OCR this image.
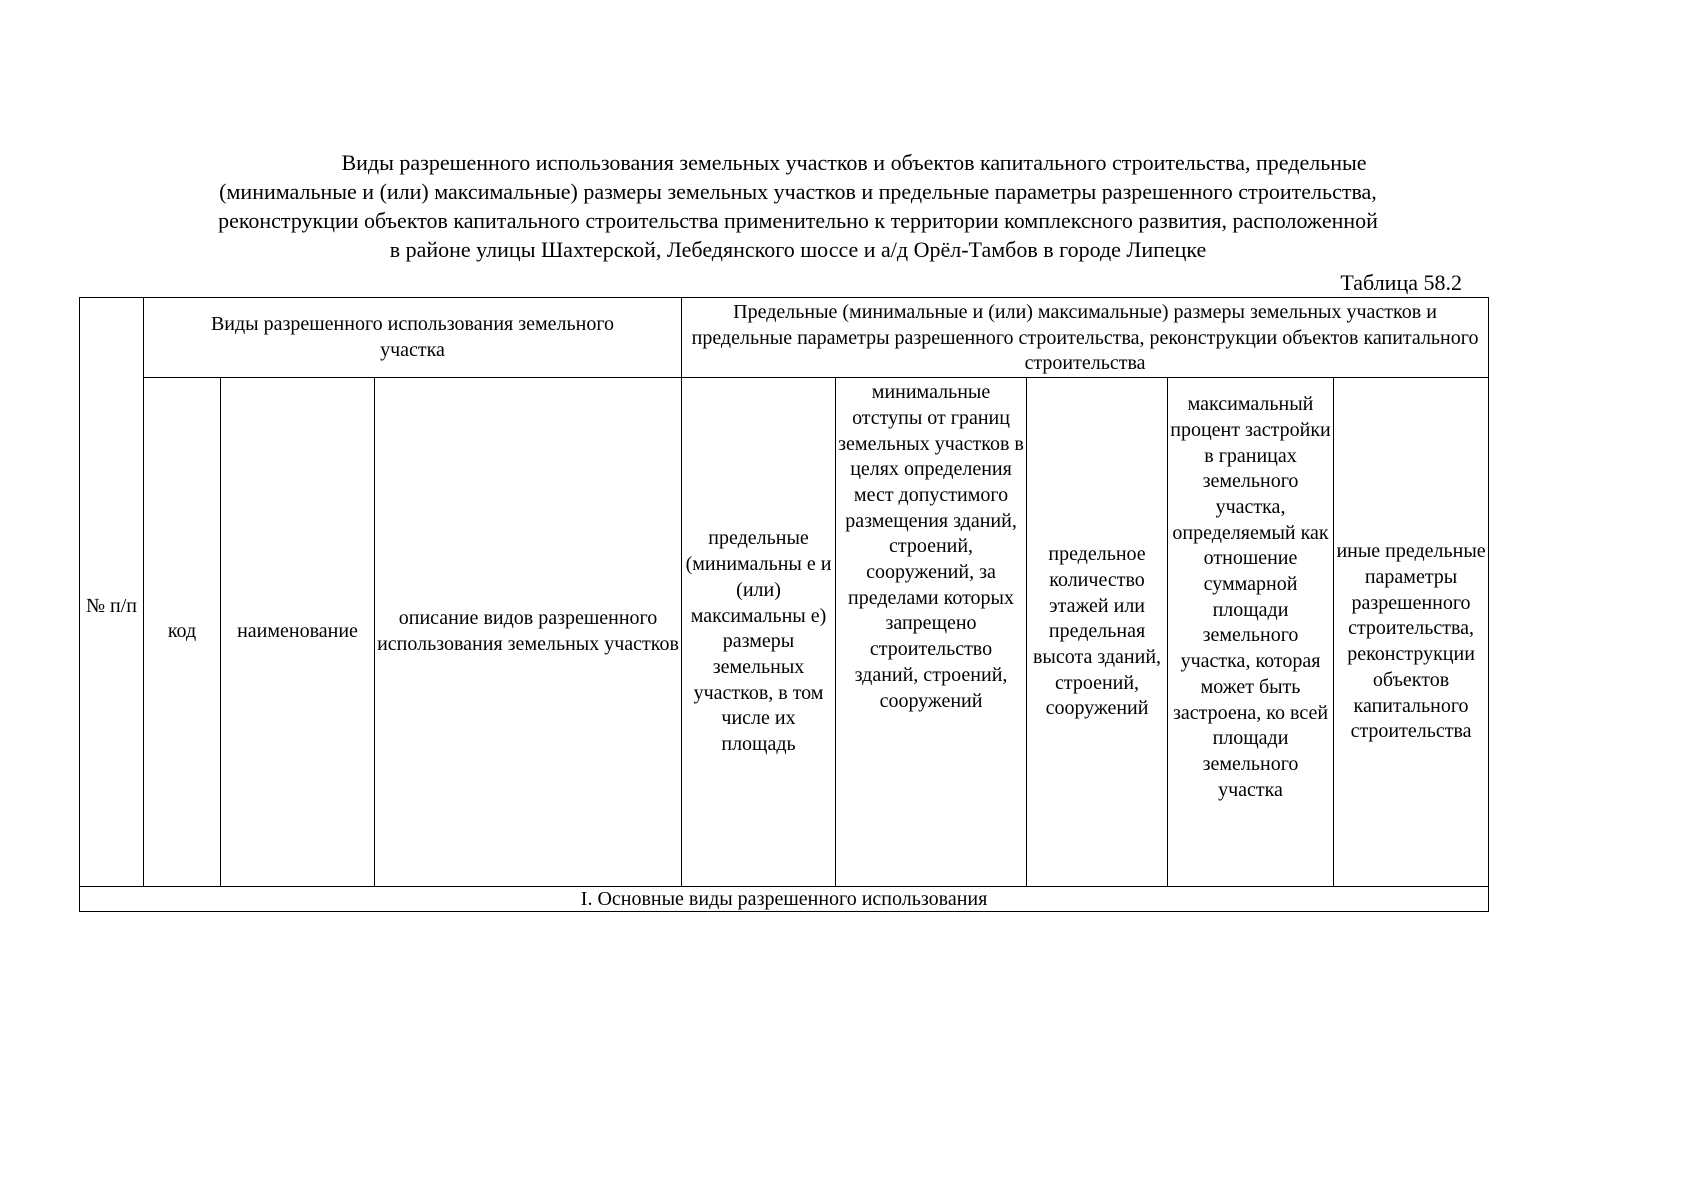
Виды разрешенного использования земельных участков и объектов капитального строительства, предельные
(минимальные и (или) максимальные) размеры земельных участков и предельные параметры разрешенного строительства,
реконструкции объектов капитального строительства применительно к территории комплексного развития, расположенной
в районе улицы Шахтерской, Лебедянского шоссе и а/д Орёл-Тамбов в городе Липецке
Таблица 58.2
№ п/п	Виды разрешенного использования земельного участка			Предельные (минимальные и (или) максимальные) размеры земельных участков и предельные параметры разрешенного строительства, реконструкции объектов капитального строительства				
	код	наименование	описание видов разрешенного использования земельных участков	предельные (минимальны е и (или) максимальны е) размеры земельных участков, в том числе их площадь	минимальные отступы от границ земельных участков в целях определения мест допустимого размещения зданий, строений, сооружений, за пределами которых запрещено строительство зданий, строений, сооружений	предельное количество этажей или предельная высота зданий, строений, сооружений	максимальный процент застройки в границах земельного участка, определяемый как отношение суммарной площади земельного участка, которая может быть застроена, ко всей площади земельного участка	иные предельные параметры разрешенного строительства, реконструкции объектов капитального строительства
I. Основные виды разрешенного использования								
